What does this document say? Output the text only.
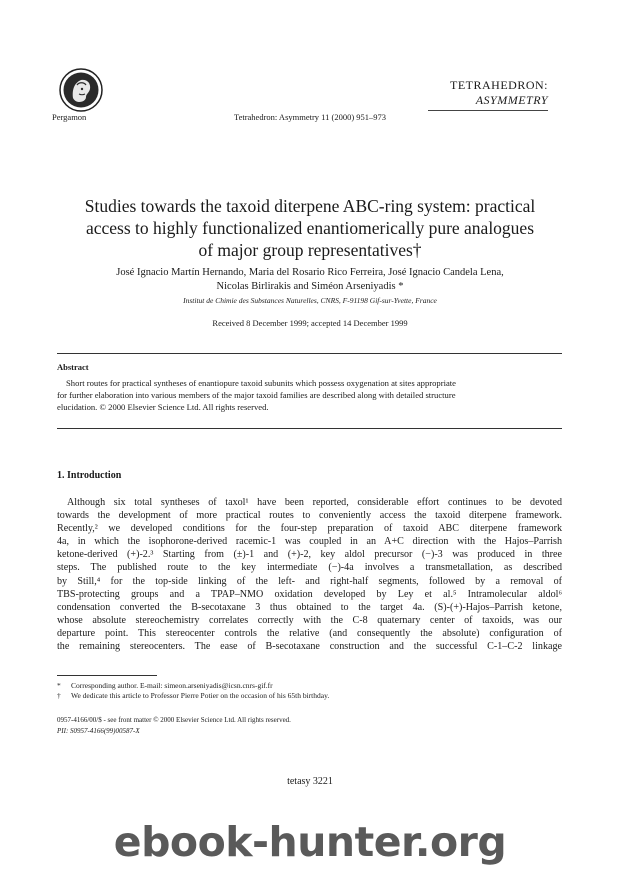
Pergamon	Tetrahedron: Asymmetry 11 (2000) 951–973
TETRAHEDRON:
ASYMMETRY
Studies towards the taxoid diterpene ABC-ring system: practical
access to highly functionalized enantiomerically pure analogues
of major group representatives†
José Ignacio Martín Hernando, Maria del Rosario Rico Ferreira, José Ignacio Candela Lena,
Nicolas Birlirakis and Siméon Arseniyadis *
Institut de Chimie des Substances Naturelles, CNRS, F-91198 Gif-sur-Yvette, France
Received 8 December 1999; accepted 14 December 1999
Abstract
Short routes for practical syntheses of enantiopure taxoid subunits which possess oxygenation at sites appropriate
for further elaboration into various members of the major taxoid families are described along with detailed structure
elucidation. © 2000 Elsevier Science Ltd. All rights reserved.
1. Introduction
Although six total syntheses of taxol¹ have been reported, considerable effort continues to be devoted
towards the development of more practical routes to conveniently access the taxoid diterpene framework.
Recently,² we developed conditions for the four-step preparation of taxoid ABC diterpene framework
4a, in which the isophorone-derived racemic-1 was coupled in an A+C direction with the Hajos–Parrish
ketone-derived (+)-2.³ Starting from (±)-1 and (+)-2, key aldol precursor (−)-3 was produced in three
steps. The published route to the key intermediate (−)-4a involves a transmetallation, as described
by Still,⁴ for the top-side linking of the left- and right-half segments, followed by a removal of
TBS-protecting groups and a TPAP–NMO oxidation developed by Ley et al.⁵ Intramolecular aldol⁶
condensation converted the B-secotaxane 3 thus obtained to the target 4a. (S)-(+)-Hajos–Parrish ketone,
whose absolute stereochemistry correlates correctly with the C-8 quaternary center of taxoids, was our
departure point. This stereocenter controls the relative (and consequently the absolute) configuration of
the remaining stereocenters. The ease of B-secotaxane construction and the successful C-1–C-2 linkage
* Corresponding author. E-mail: simeon.arseniyadis@icsn.cnrs-gif.fr
† We dedicate this article to Professor Pierre Potier on the occasion of his 65th birthday.
0957-4166/00/$ - see front matter © 2000 Elsevier Science Ltd. All rights reserved.
PII: S0957-4166(99)00587-X
tetasy 3221
ebook-hunter.org
